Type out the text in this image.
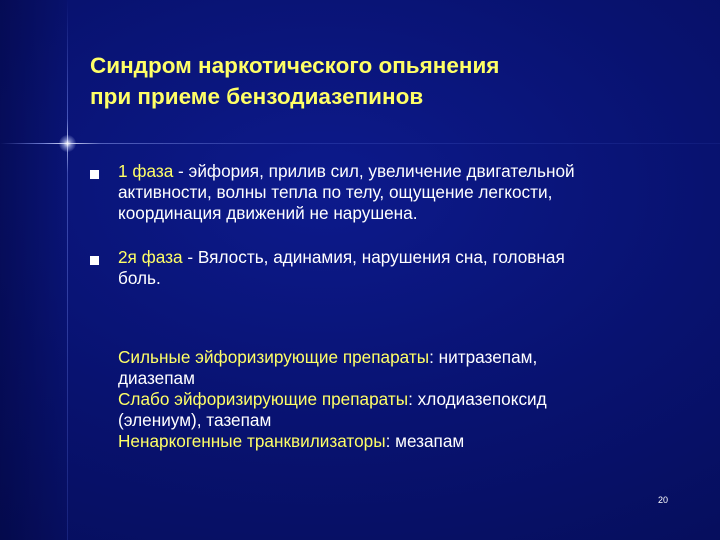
Синдром наркотического опьянения
при приеме бензодиазепинов

1 фаза - эйфория, прилив сил, увеличение двигательной
активности, волны тепла по телу, ощущение легкости,
координация движений не нарушена.

2я фаза - Вялость, адинамия, нарушения сна, головная
боль.

Сильные эйфоризирующие препараты: нитразепам,
диазепам
Слабо эйфоризирующие препараты: хлодиазепоксид
(элениум), тазепам
Ненаркогенные транквилизаторы: мезапам

20
